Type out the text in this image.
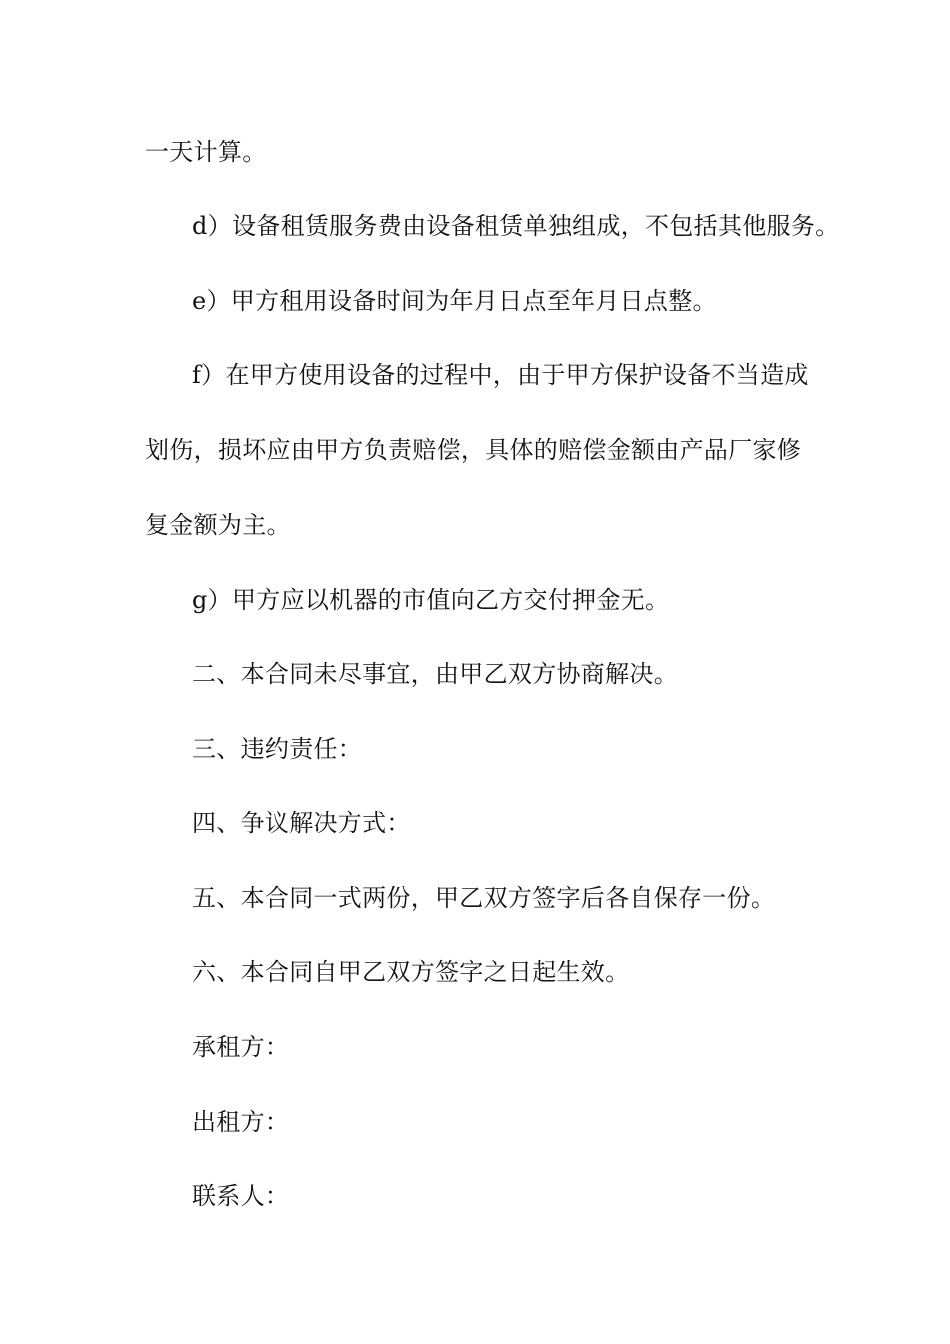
一天计算。
d）设备租赁服务费由设备租赁单独组成，不包括其他服务。
e）甲方租用设备时间为年月日点至年月日点整。
f）在甲方使用设备的过程中，由于甲方保护设备不当造成
划伤，损坏应由甲方负责赔偿，具体的赔偿金额由产品厂家修
复金额为主。
g）甲方应以机器的市值向乙方交付押金无。
二、本合同未尽事宜，由甲乙双方协商解决。
三、违约责任：
四、争议解决方式：
五、本合同一式两份，甲乙双方签字后各自保存一份。
六、本合同自甲乙双方签字之日起生效。
承租方：
出租方：
联系人：
